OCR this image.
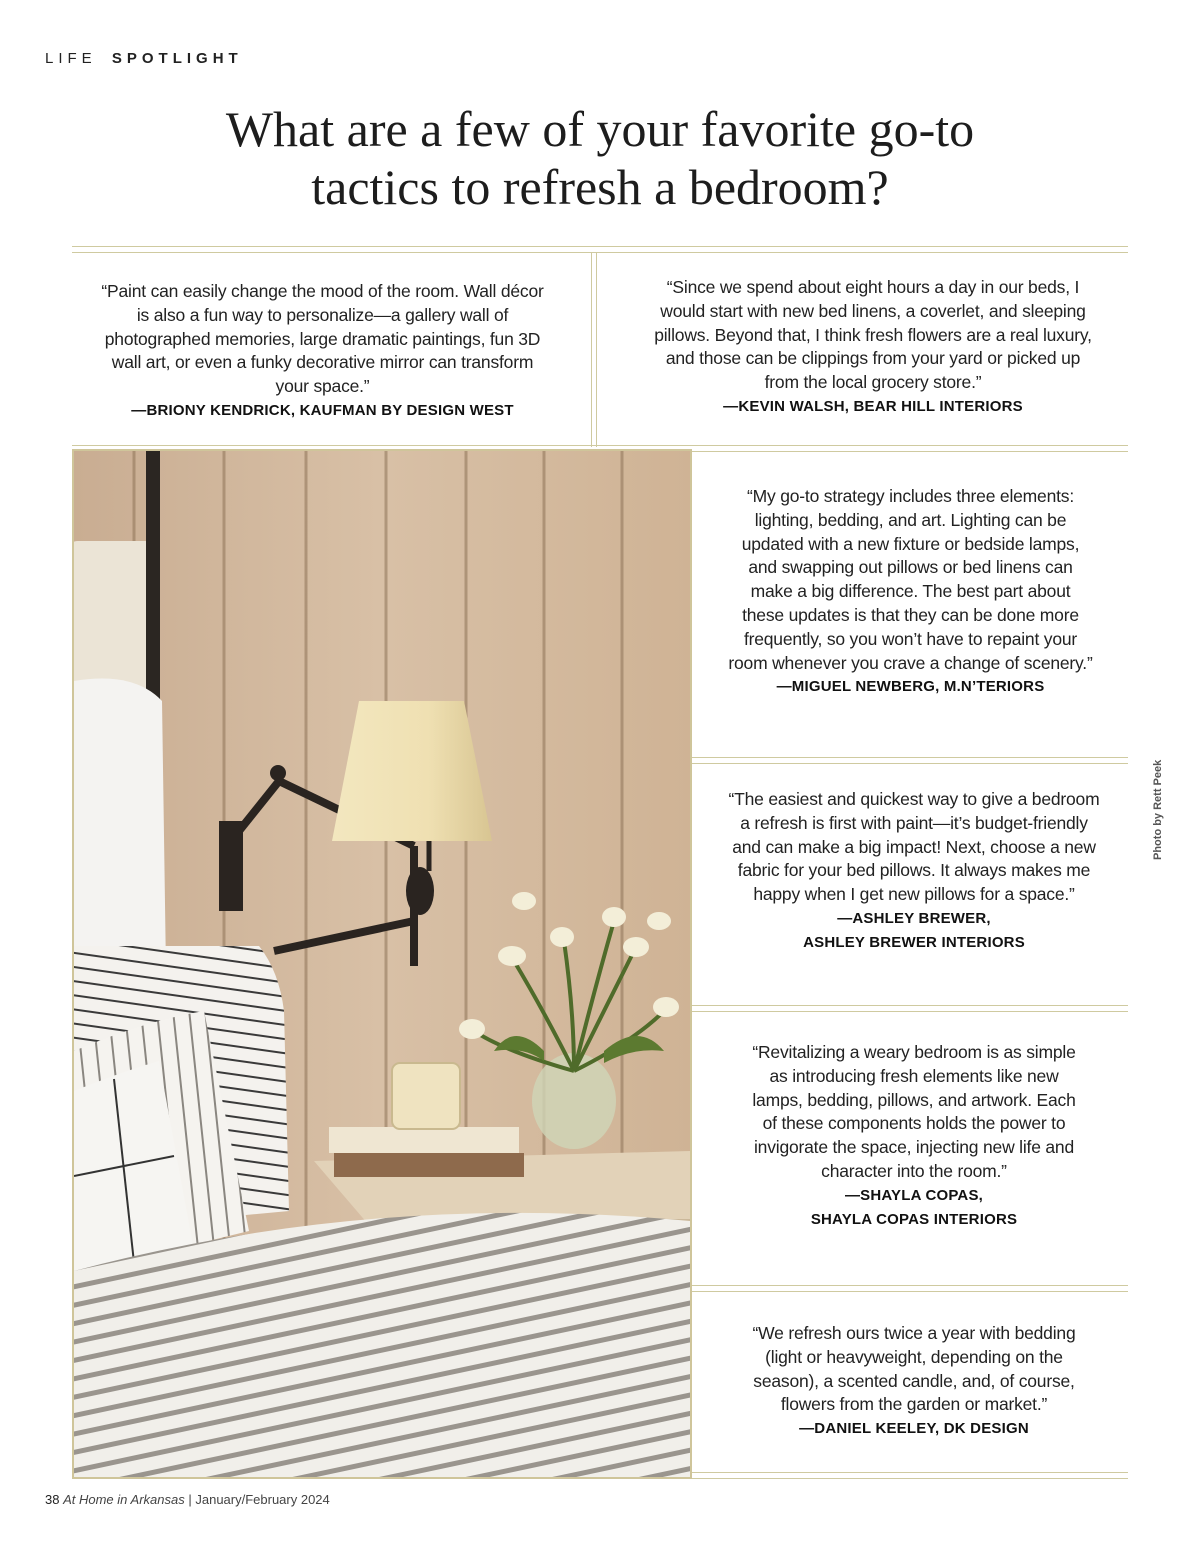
LIFE SPOTLIGHT
What are a few of your favorite go-to
tactics to refresh a bedroom?

“Paint can easily change the mood of the room. Wall décor is also a fun way to personalize—a gallery wall of photographed memories, large dramatic paintings, fun 3D wall art, or even a funky decorative mirror can transform your space.”

—BRIONY KENDRICK, KAUFMAN BY DESIGN WEST

“Since we spend about eight hours a day in our beds, I would start with new bed linens, a coverlet, and sleeping pillows. Beyond that, I think fresh flowers are a real luxury, and those can be clippings from your yard or picked up from the local grocery store.”

—KEVIN WALSH, BEAR HILL INTERIORS

“My go-to strategy includes three elements: lighting, bedding, and art. Lighting can be updated with a new fixture or bedside lamps, and swapping out pillows or bed linens can make a big difference. The best part about these updates is that they can be done more frequently, so you won’t have to repaint your room whenever you crave a change of scenery.”

—MIGUEL NEWBERG, M.N’TERIORS

“The easiest and quickest way to give a bedroom a refresh is first with paint—it’s budget-friendly and can make a big impact! Next, choose a new fabric for your bed pillows. It always makes me happy when I get new pillows for a space.”

—ASHLEY BREWER,
ASHLEY BREWER INTERIORS

“Revitalizing a weary bedroom is as simple as introducing fresh elements like new lamps, bedding, pillows, and artwork. Each of these components holds the power to invigorate the space, injecting new life and character into the room.”

—SHAYLA COPAS,
SHAYLA COPAS INTERIORS

“We refresh ours twice a year with bedding (light or heavyweight, depending on the season), a scented candle, and, of course, flowers from the garden or market.”

—DANIEL KEELEY, DK DESIGN
Photo by Rett Peek
38 At Home in Arkansas | January/February 2024
